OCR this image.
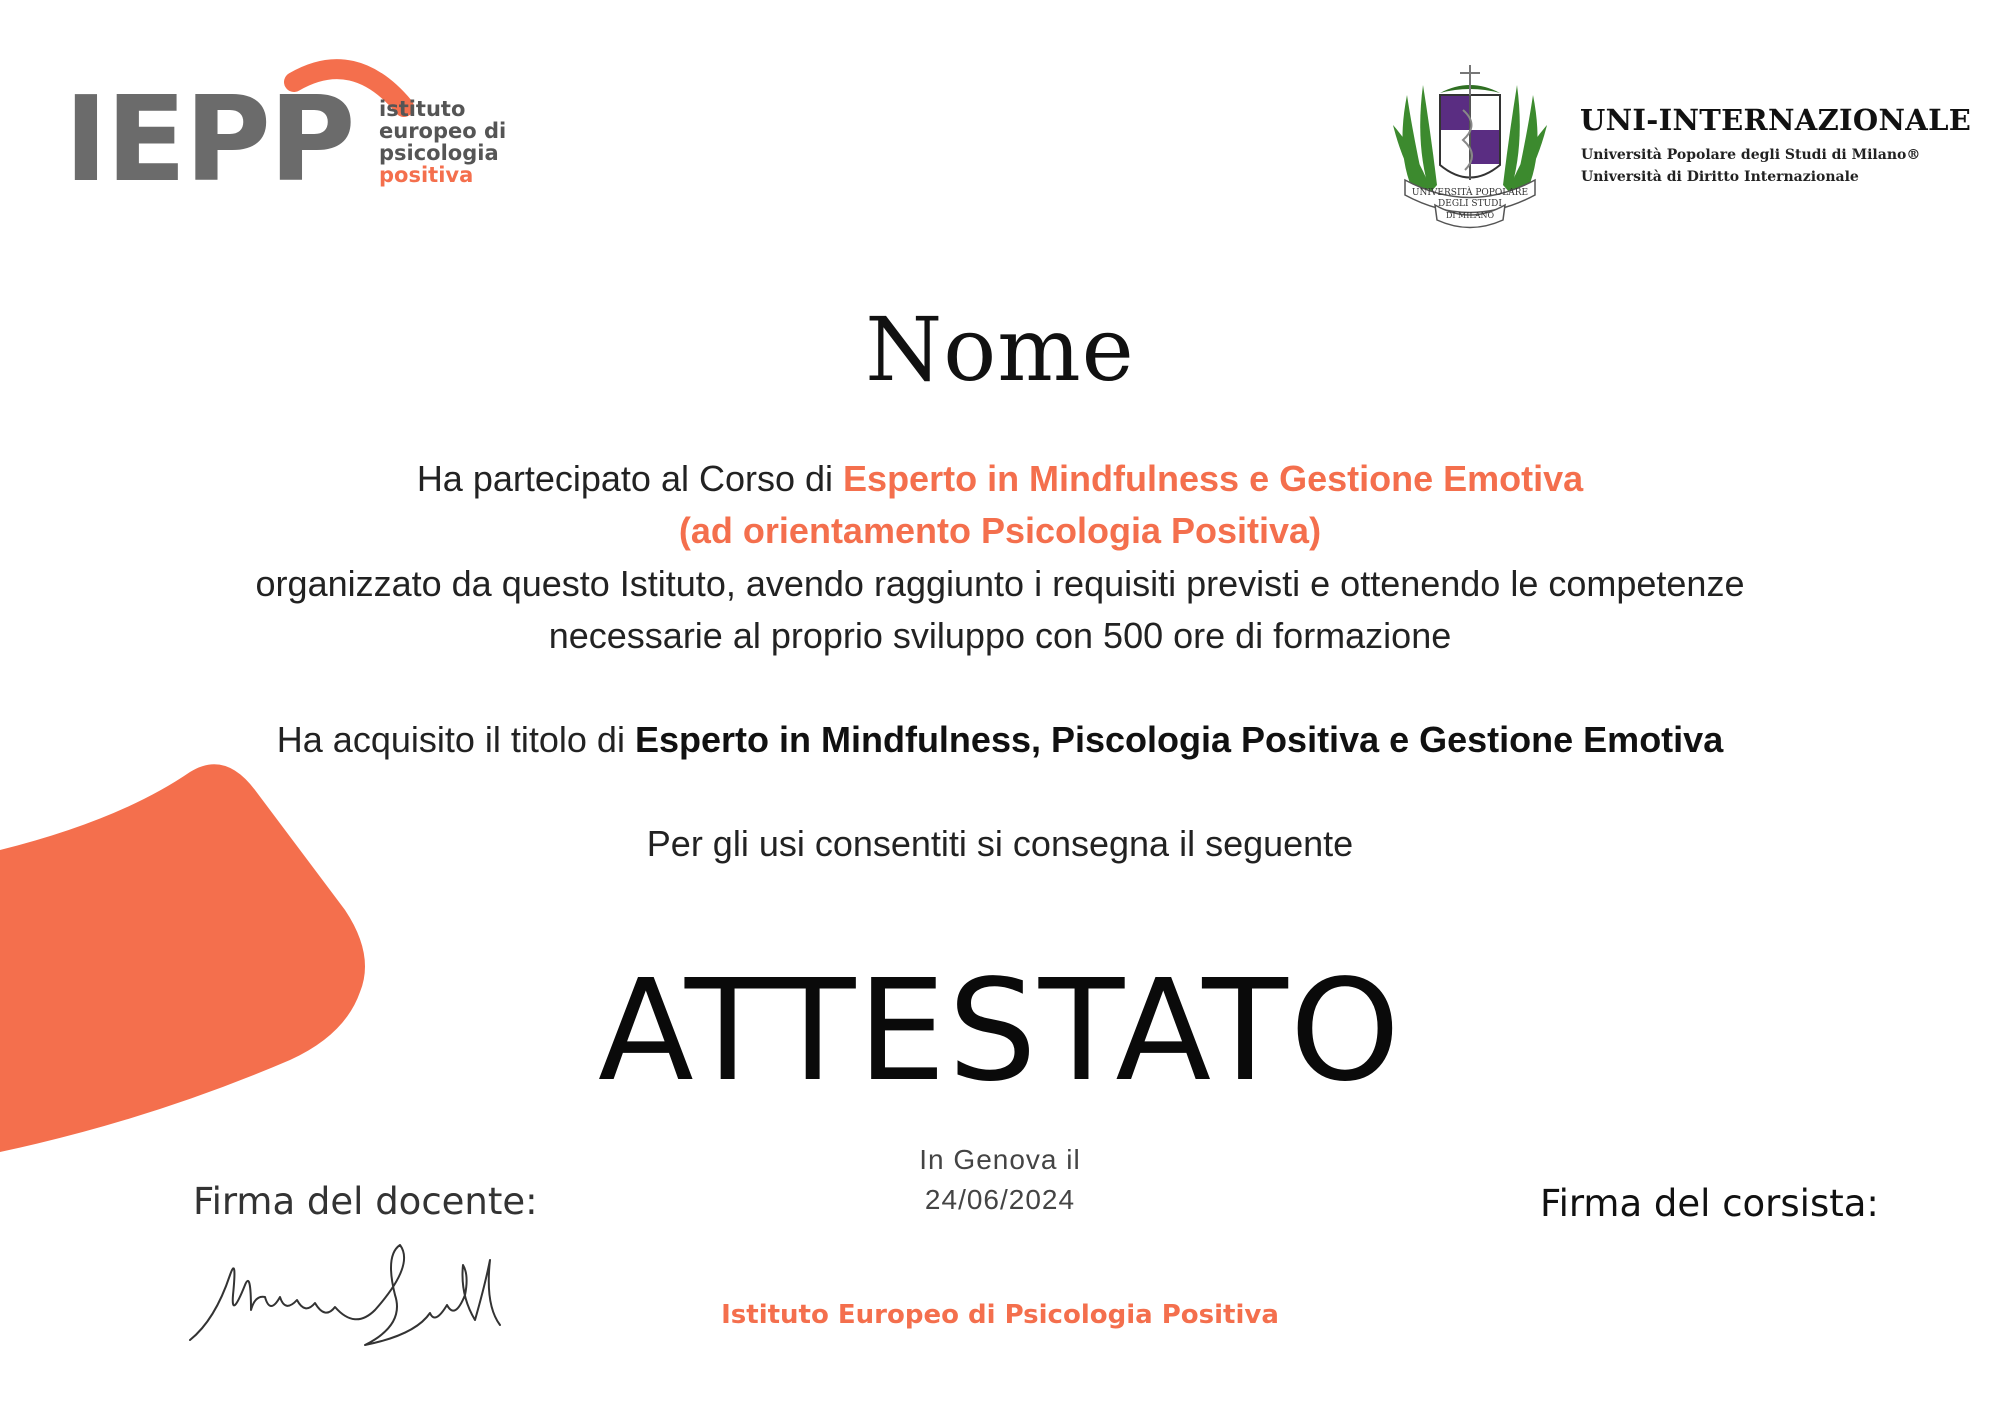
IEPP istituto
europeo di
psicologia
positiva
UNIVERSITÀ POPOLARE
DEGLI STUDI
DI MILANO
UNI-INTERNAZIONALE
Università Popolare degli Studi di Milano®
Università di Diritto Internazionale
Nome
Ha partecipato al Corso di Esperto in Mindfulness e Gestione Emotiva
(ad orientamento Psicologia Positiva)
organizzato da questo Istituto, avendo raggiunto i requisiti previsti e ottenendo le competenze
necessarie al proprio sviluppo con 500 ore di formazione
Ha acquisito il titolo di Esperto in Mindfulness, Piscologia Positiva e Gestione Emotiva
Per gli usi consentiti si consegna il seguente
ATTESTATO
In Genova il
24/06/2024
Firma del docente:	Firma del corsista:
Istituto Europeo di Psicologia Positiva
